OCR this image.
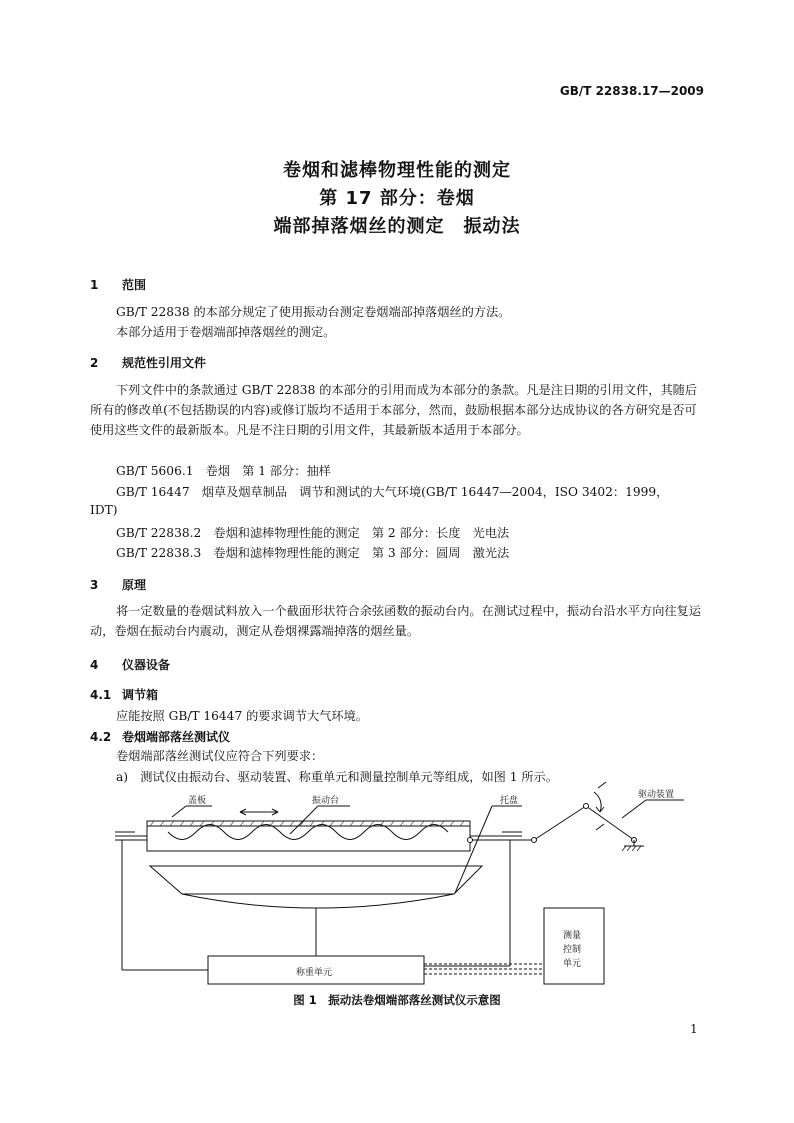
GB/T 22838.17—2009
卷烟和滤棒物理性能的测定
第 17 部分：卷烟
端部掉落烟丝的测定　振动法
1 范围
GB/T 22838 的本部分规定了使用振动台测定卷烟端部掉落烟丝的方法。
本部分适用于卷烟端部掉落烟丝的测定。
2 规范性引用文件
下列文件中的条款通过 GB/T 22838 的本部分的引用而成为本部分的条款。凡是注日期的引用文件，其随后所有的修改单(不包括勘误的内容)或修订版均不适用于本部分，然而，鼓励根据本部分达成协议的各方研究是否可使用这些文件的最新版本。凡是不注日期的引用文件，其最新版本适用于本部分。
GB/T 5606.1　卷烟　第 1 部分：抽样
GB/T 16447　烟草及烟草制品　调节和测试的大气环境(GB/T 16447—2004，ISO 3402：1999，
IDT)
GB/T 22838.2　卷烟和滤棒物理性能的测定　第 2 部分：长度　光电法
GB/T 22838.3　卷烟和滤棒物理性能的测定　第 3 部分：圆周　激光法
3 原理
将一定数量的卷烟试料放入一个截面形状符合余弦函数的振动台内。在测试过程中，振动台沿水平方向往复运动，卷烟在振动台内震动，测定从卷烟裸露端掉落的烟丝量。
4 仪器设备
4.1 调节箱
应能按照 GB/T 16447 的要求调节大气环境。
4.2 卷烟端部落丝测试仪
卷烟端部落丝测试仪应符合下列要求：
a)　测试仪由振动台、驱动装置、称重单元和测量控制单元等组成，如图 1 所示。
盖板	振动台	托盘
驱动装置
称重单元
测量
控制
单元
图 1　振动法卷烟端部落丝测试仪示意图
1
